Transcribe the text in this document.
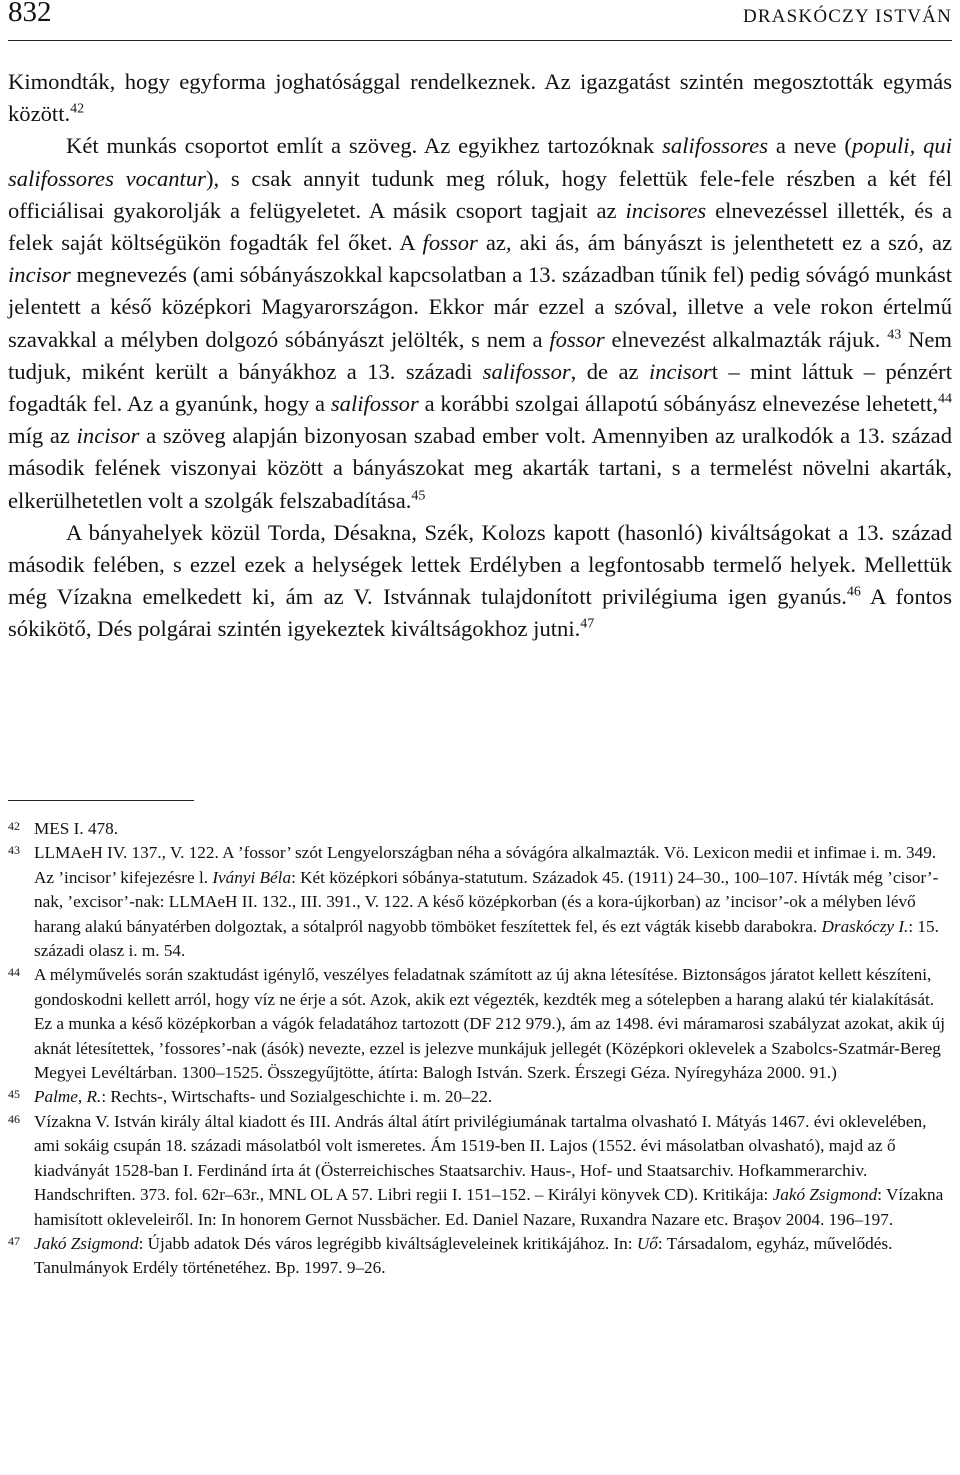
832	DRASKÓCZY ISTVÁN

Kimondták, hogy egyforma joghatósággal rendelkeznek. Az igazgatást szintén megosztották egymás között.$^{42}$

Két munkás csoportot említ a szöveg. Az egyikhez tartozóknak salifossores a neve (populi, qui salifossores vocantur), s csak annyit tudunk meg róluk, hogy felettük fele-fele részben a két fél officiálisai gyakorolják a felügyeletet. A másik csoport tagjait az incisores elnevezéssel illették, és a felek saját költségükön fogadták fel őket. A fossor az, aki ás, ám bányászt is jelenthetett ez a szó, az incisor megnevezés (ami sóbányászokkal kapcsolatban a 13. században tűnik fel) pedig sóvágó munkást jelentett a késő középkori Magyarországon. Ekkor már ezzel a szóval, illetve a vele rokon értelmű szavakkal a mélyben dolgozó sóbányászt jelölték, s nem a fossor elnevezést alkalmazták rájuk. $^{43}$ Nem tudjuk, miként került a bányákhoz a 13. századi salifossor, de az incisort – mint láttuk – pénzért fogadták fel. Az a gyanúnk, hogy a salifossor a korábbi szolgai állapotú sóbányász elnevezése lehetett,$^{44}$ míg az incisor a szöveg alapján bizonyosan szabad ember volt. Amennyiben az uralkodók a 13. század második felének viszonyai között a bányászokat meg akarták tartani, s a termelést növelni akarták, elkerülhetetlen volt a szolgák felszabadítása.$^{45}$

A bányahelyek közül Torda, Désakna, Szék, Kolozs kapott (hasonló) kiváltságokat a 13. század második felében, s ezzel ezek a helységek lettek Erdélyben a legfontosabb termelő helyek. Mellettük még Vízakna emelkedett ki, ám az V. Istvánnak tulajdonított privilégiuma igen gyanús.$^{46}$ A fontos sókikötő, Dés polgárai szintén igyekeztek kiváltságokhoz jutni.$^{47}$

42 MES I. 478.

43 LLMAeH IV. 137., V. 122. A ’fossor’ szót Lengyelországban néha a sóvágóra alkalmazták. Vö. Lexicon medii et infimae i. m. 349. Az ’incisor’ kifejezésre l. Iványi Béla: Két középkori sóbánya-statutum. Századok 45. (1911) 24–30., 100–107. Hívták még ’cisor’-nak, ’excisor’-nak: LLMAeH II. 132., III. 391., V. 122. A késő középkorban (és a kora-újkorban) az ’incisor’-ok a mélyben lévő harang alakú bányatérben dolgoztak, a sótalpról nagyobb tömböket feszítettek fel, és ezt vágták kisebb darabokra. Draskóczy I.: 15. századi olasz i. m. 54.

44 A mélyművelés során szaktudást igénylő, veszélyes feladatnak számított az új akna létesítése. Biztonságos járatot kellett készíteni, gondoskodni kellett arról, hogy víz ne érje a sót. Azok, akik ezt végezték, kezdték meg a sótelepben a harang alakú tér kialakítását. Ez a munka a késő középkorban a vágók feladatához tartozott (DF 212 979.), ám az 1498. évi máramarosi szabályzat azokat, akik új aknát létesítettek, ’fossores’-nak (ásók) nevezte, ezzel is jelezve munkájuk jellegét (Középkori oklevelek a Szabolcs-Szatmár-Bereg Megyei Levéltárban. 1300–1525. Összegyűjtötte, átírta: Balogh István. Szerk. Érszegi Géza. Nyíregyháza 2000. 91.)

45 Palme, R.: Rechts-, Wirtschafts- und Sozialgeschichte i. m. 20–22.

46 Vízakna V. István király által kiadott és III. András által átírt privilégiumának tartalma olvasható I. Mátyás 1467. évi oklevelében, ami sokáig csupán 18. századi másolatból volt ismeretes. Ám 1519-ben II. Lajos (1552. évi másolatban olvasható), majd az ő kiadványát 1528-ban I. Ferdinánd írta át (Österreichisches Staatsarchiv. Haus-, Hof- und Staatsarchiv. Hofkammerarchiv. Handschriften. 373. fol. 62r–63r., MNL OL A 57. Libri regii I. 151–152. – Királyi könyvek CD). Kritikája: Jakó Zsigmond: Vízakna hamisított okleveleiről. In: In honorem Gernot Nussbächer. Ed. Daniel Nazare, Ruxandra Nazare etc. Braşov 2004. 196–197.

47 Jakó Zsigmond: Újabb adatok Dés város legrégibb kiváltságleveleinek kritikájához. In: Uő: Társadalom, egyház, művelődés. Tanulmányok Erdély történetéhez. Bp. 1997. 9–26.
